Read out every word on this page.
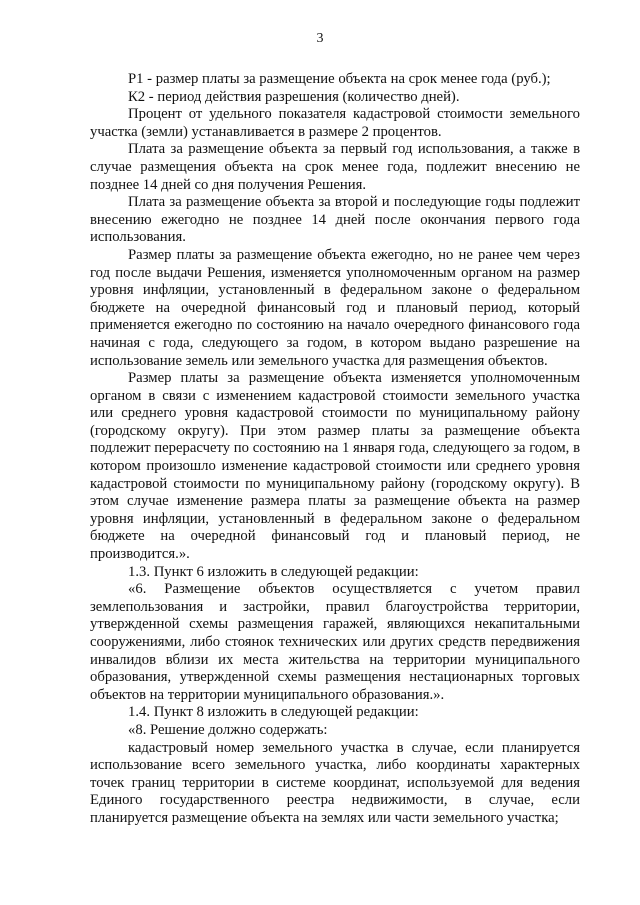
3

Р1 - размер платы за размещение объекта на срок менее года (руб.);

К2 - период действия разрешения (количество дней).

Процент от удельного показателя кадастровой стоимости земельного участка (земли) устанавливается в размере 2 процентов.

Плата за размещение объекта за первый год использования, а также в случае размещения объекта на срок менее года, подлежит внесению не позднее 14 дней со дня получения Решения.

Плата за размещение объекта за второй и последующие годы подлежит внесению ежегодно не позднее 14 дней после окончания первого года использования.

Размер платы за размещение объекта ежегодно, но не ранее чем через год после выдачи Решения, изменяется уполномоченным органом на размер уровня инфляции, установленный в федеральном законе о федеральном бюджете на очередной финансовый год и плановый период, который применяется ежегодно по состоянию на начало очередного финансового года начиная с года, следующего за годом, в котором выдано разрешение на использование земель или земельного участка для размещения объектов.

Размер платы за размещение объекта изменяется уполномоченным органом в связи с изменением кадастровой стоимости земельного участка или среднего уровня кадастровой стоимости по муниципальному району (городскому округу). При этом размер платы за размещение объекта подлежит перерасчету по состоянию на 1 января года, следующего за годом, в котором произошло изменение кадастровой стоимости или среднего уровня кадастровой стоимости по муниципальному району (городскому округу). В этом случае изменение размера платы за размещение объекта на размер уровня инфляции, установленный в федеральном законе о федеральном бюджете на очередной финансовый год и плановый период, не производится.».

1.3. Пункт 6 изложить в следующей редакции:

«6. Размещение объектов осуществляется с учетом правил землепользования и застройки, правил благоустройства территории, утвержденной схемы размещения гаражей, являющихся некапитальными сооружениями, либо стоянок технических или других средств передвижения инвалидов вблизи их места жительства на территории муниципального образования, утвержденной схемы размещения нестационарных торговых объектов на территории муниципального образования.».

1.4. Пункт 8 изложить в следующей редакции:

«8. Решение должно содержать:

кадастровый номер земельного участка в случае, если планируется использование всего земельного участка, либо координаты характерных точек границ территории в системе координат, используемой для ведения Единого государственного реестра недвижимости, в случае, если планируется размещение объекта на землях или части земельного участка;
